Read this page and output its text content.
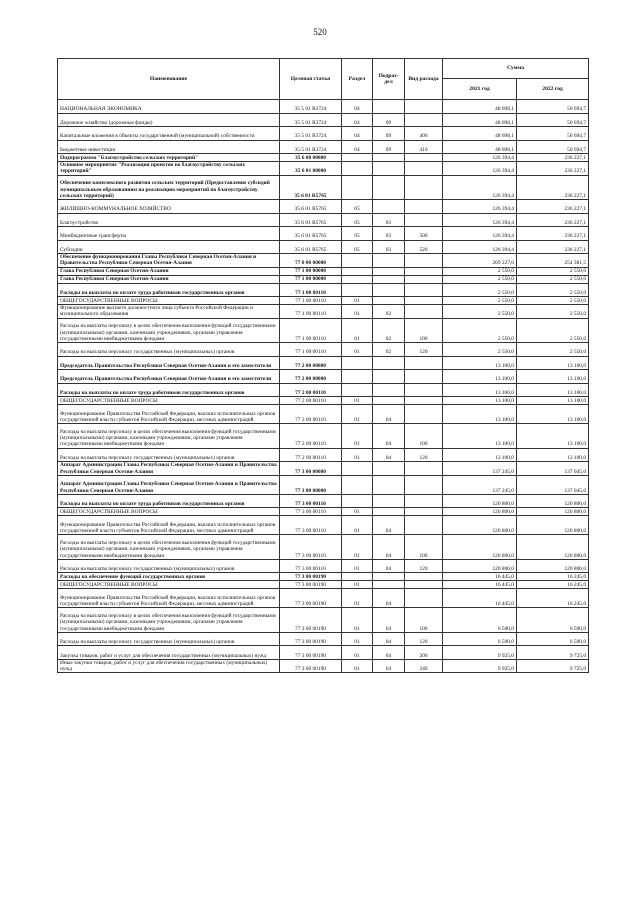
520
Наименование	Целевая статья	Раздел	Подраз-дел	Вид расхода	Сумма	
					2021 год	2022 год
НАЦИОНАЛЬНАЯ ЭКОНОМИКА	35 5 01 R3724	04			48 698,1	50 694,7
Дорожное хозяйство (дорожные фонды)	35 5 01 R3724	04	09		48 698,1	50 694,7
Капитальные вложения в объекты государственной (муниципальной) собственности	35 5 01 R3724	04	09	400	48 698,1	50 694,7
Бюджетные инвестиции	35 5 01 R3724	04	09	410	48 698,1	50 694,7
Подпрограмма "Благоустройство сельских территорий"	35 6 00 00000				126 394,4	236 227,1
Основное мероприятие "Реализация проектов по благоустройству сельских территорий"	35 6 01 00000				126 394,4	236 227,1
Обеспечение комплексного развития сельских территорий (Предоставление субсидий муниципальным образованиям на реализацию мероприятий по благоустройству сельских территорий)	35 6 01 R5765				126 394,4	236 227,1
ЖИЛИЩНО-КОММУНАЛЬНОЕ ХОЗЯЙСТВО	35 6 01 R5765	05			126 394,4	236 227,1
Благоустройство	35 6 01 R5765	05	03		126 394,4	236 227,1
Межбюджетные трансферты	35 6 01 R5765	05	03	500	126 394,4	236 227,1
Субсидии	35 6 01 R5765	05	03	520	126 394,4	236 227,1
Обеспечение функционирования Главы Республики Северная Осетия-Алания и Правительства Республики Северная Осетия-Алания	77 0 00 00000				269 227,6	254 381,5
Глава Республики Северная Осетия-Алания	77 1 00 00000				2 550,0	2 550,0
Глава Республики Северная Осетия-Алания	77 1 00 00000				2 550,0	2 550,0
Расходы на выплаты по оплате труда работников государственных органов	77 1 00 00110				2 550,0	2 550,0
ОБЩЕГОСУДАРСТВЕННЫЕ ВОПРОСЫ	77 1 00 00110	01			2 550,0	2 550,0
Функционирование высшего должностного лица субъекта Российской Федерации и муниципального образования	77 1 00 00110	01	02		2 550,0	2 550,0
Расходы на выплаты персоналу в целях обеспечения выполнения функций государственными (муниципальными) органами, казенными учреждениями, органами управления государственными внебюджетными фондами	77 1 00 00110	01	02	100	2 550,0	2 550,0
Расходы на выплаты персоналу государственных (муниципальных) органов	77 1 00 00110	01	02	120	2 550,0	2 550,0
Председатель Правительства Республики Северная Осетия-Алания и его заместители	77 2 00 00000				13 100,0	13 100,0
Председатель Правительства Республики Северная Осетия-Алания и его заместители	77 2 00 00000				13 100,0	13 100,0
Расходы на выплаты по оплате труда работников государственных органов	77 2 00 00110				13 100,0	13 100,0
ОБЩЕГОСУДАРСТВЕННЫЕ ВОПРОСЫ	77 2 00 00110	01			13 100,0	13 100,0
Функционирование Правительства Российской Федерации, высших исполнительных органов государственной власти субъектов Российской Федерации, местных администраций	77 2 00 00110	01	04		13 100,0	13 100,0
Расходы на выплаты персоналу в целях обеспечения выполнения функций государственными (муниципальными) органами, казенными учреждениями, органами управления государственными внебюджетными фондами	77 2 00 00110	01	04	100	13 100,0	13 100,0
Расходы на выплаты персоналу государственных (муниципальных) органов	77 2 00 00110	01	04	120	13 100,0	13 100,0
Аппарат Администрации Главы Республики Северная Осетия-Алания и Правительства Республики Северная Осетия-Алания	77 3 00 00000				137 245,0	137 045,0
Аппарат Администрации Главы Республики Северная Осетия-Алания и Правительства Республики Северная Осетия-Алания	77 3 00 00000				137 245,0	137 045,0
Расходы на выплаты по оплате труда работников государственных органов	77 3 00 00110				120 800,0	120 800,0
ОБЩЕГОСУДАРСТВЕННЫЕ ВОПРОСЫ	77 3 00 00110	01			120 800,0	120 800,0
Функционирование Правительства Российской Федерации, высших исполнительных органов государственной власти субъектов Российской Федерации, местных администраций	77 3 00 00110	01	04		120 800,0	120 800,0
Расходы на выплаты персоналу в целях обеспечения выполнения функций государственными (муниципальными) органами, казенными учреждениями, органами управления государственными внебюджетными фондами	77 3 00 00110	01	04	100	120 800,0	120 800,0
Расходы на выплаты персоналу государственных (муниципальных) органов	77 3 00 00110	01	04	120	120 800,0	120 800,0
Расходы на обеспечение функций государственных органов	77 3 00 00190				16 445,0	16 245,0
ОБЩЕГОСУДАРСТВЕННЫЕ ВОПРОСЫ	77 3 00 00190	01			16 445,0	16 245,0
Функционирование Правительства Российской Федерации, высших исполнительных органов государственной власти субъектов Российской Федерации, местных администраций	77 3 00 00190	01	04		16 445,0	16 245,0
Расходы на выплаты персоналу в целях обеспечения выполнения функций государственными (муниципальными) органами, казенными учреждениями, органами управления государственными внебюджетными фондами	77 3 00 00190	01	04	100	6 500,0	6 500,0
Расходы на выплаты персоналу государственных (муниципальных) органов	77 3 00 00190	01	04	120	6 500,0	6 500,0
Закупка товаров, работ и услуг для обеспечения государственных (муниципальных) нужд	77 3 00 00190	01	04	200	9 925,0	9 725,0
Иные закупки товаров, работ и услуг для обеспечения государственных (муниципальных) нужд	77 3 00 00190	01	04	240	9 925,0	9 725,0
